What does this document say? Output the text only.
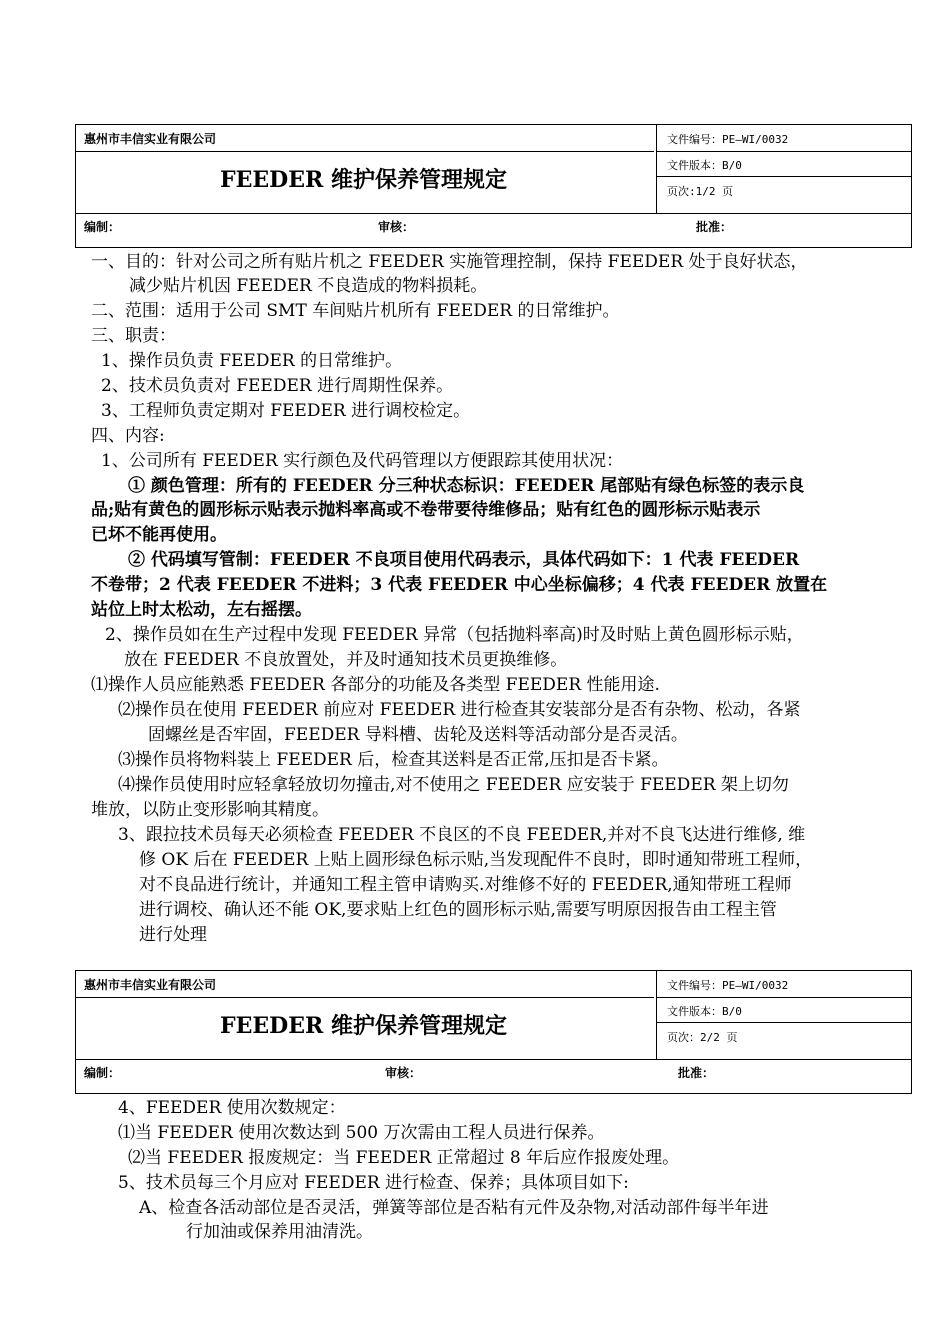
惠州市丰信实业有限公司
FEEDER 维护保养管理规定
文件编号：PE—WI/0032
文件版本：B/0
页次:1/2 页
编制：	审核：	批准：
一、目的：针对公司之所有贴片机之 FEEDER 实施管理控制，保持 FEEDER 处于良好状态，
减少贴片机因 FEEDER 不良造成的物料损耗。
二、范围：适用于公司 SMT 车间贴片机所有 FEEDER 的日常维护。
三、职责：
1、操作员负责 FEEDER 的日常维护。
2、技术员负责对 FEEDER 进行周期性保养。
3、工程师负责定期对 FEEDER 进行调校检定。
四、内容:
1、公司所有 FEEDER 实行颜色及代码管理以方便跟踪其使用状况：
① 颜色管理：所有的 FEEDER 分三种状态标识：FEEDER 尾部贴有绿色标签的表示良
品;贴有黄色的圆形标示贴表示抛料率高或不卷带要待维修品；贴有红色的圆形标示贴表示
已坏不能再使用。
② 代码填写管制：FEEDER 不良项目使用代码表示，具体代码如下：1 代表 FEEDER
不卷带；2 代表 FEEDER 不进料；3 代表 FEEDER 中心坐标偏移；4 代表 FEEDER 放置在
站位上时太松动，左右摇摆。
2、操作员如在生产过程中发现 FEEDER 异常（包括抛料率高)时及时贴上黄色圆形标示贴，
放在 FEEDER 不良放置处，并及时通知技术员更换维修。
⑴操作人员应能熟悉 FEEDER 各部分的功能及各类型 FEEDER 性能用途.
⑵操作员在使用 FEEDER 前应对 FEEDER 进行检查其安装部分是否有杂物、松动，各紧
固螺丝是否牢固，FEEDER 导料槽、齿轮及送料等活动部分是否灵活。
⑶操作员将物料装上 FEEDER 后，检查其送料是否正常,压扣是否卡紧。
⑷操作员使用时应轻拿轻放切勿撞击,对不使用之 FEEDER 应安装于 FEEDER 架上切勿
堆放，以防止变形影响其精度。
3、跟拉技术员每天必须检查 FEEDER 不良区的不良 FEEDER,并对不良飞达进行维修, 维
修 OK 后在 FEEDER 上贴上圆形绿色标示贴,当发现配件不良时，即时通知带班工程师，
对不良品进行统计，并通知工程主管申请购买.对维修不好的 FEEDER,通知带班工程师
进行调校、确认还不能 OK,要求贴上红色的圆形标示贴,需要写明原因报告由工程主管
进行处理
惠州市丰信实业有限公司
FEEDER 维护保养管理规定
文件编号：PE—WI/0032
文件版本：B/0
页次：2/2 页
编制：	审核：	批准：
4、FEEDER 使用次数规定：
⑴当 FEEDER 使用次数达到 500 万次需由工程人员进行保养。
⑵当 FEEDER 报废规定：当 FEEDER 正常超过 8 年后应作报废处理。
5、技术员每三个月应对 FEEDER 进行检查、保养；具体项目如下:
A、检查各活动部位是否灵活，弹簧等部位是否粘有元件及杂物,对活动部件每半年进
行加油或保养用油清洗。
